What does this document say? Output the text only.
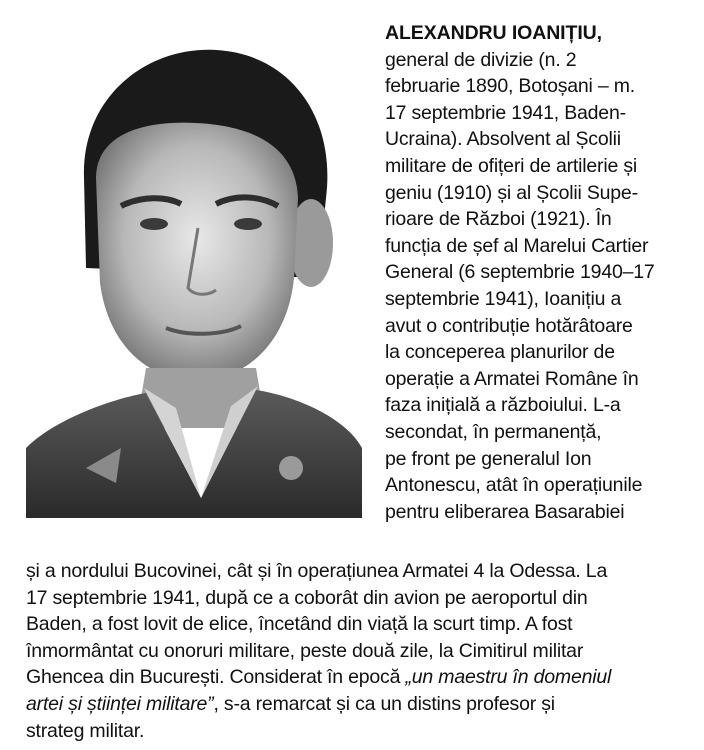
ALEXANDRU IOANIȚIU,
general de divizie (n. 2
februarie 1890, Botoșani – m.
17 septembrie 1941, Baden-
Ucraina). Absolvent al Școlii
militare de ofițeri de artilerie și
geniu (1910) și al Școlii Supe-
rioare de Război (1921). În
funcția de șef al Marelui Cartier
General (6 septembrie 1940–17
septembrie 1941), Ioanițiu a
avut o contribuție hotărâtoare
la conceperea planurilor de
operație a Armatei Române în
faza inițială a războiului. L-a
secondat, în permanență,
pe front pe generalul Ion
Antonescu, atât în operațiunile
pentru eliberarea Basarabiei
și a nordului Bucovinei, cât și în operațiunea Armatei 4 la Odessa. La
17 septembrie 1941, după ce a coborât din avion pe aeroportul din
Baden, a fost lovit de elice, încetând din viață la scurt timp. A fost
înmormântat cu onoruri militare, peste două zile, la Cimitirul militar
Ghencea din București. Considerat în epocă „un maestru în domeniul
artei și științei militare”, s-a remarcat și ca un distins profesor și
strateg militar.
